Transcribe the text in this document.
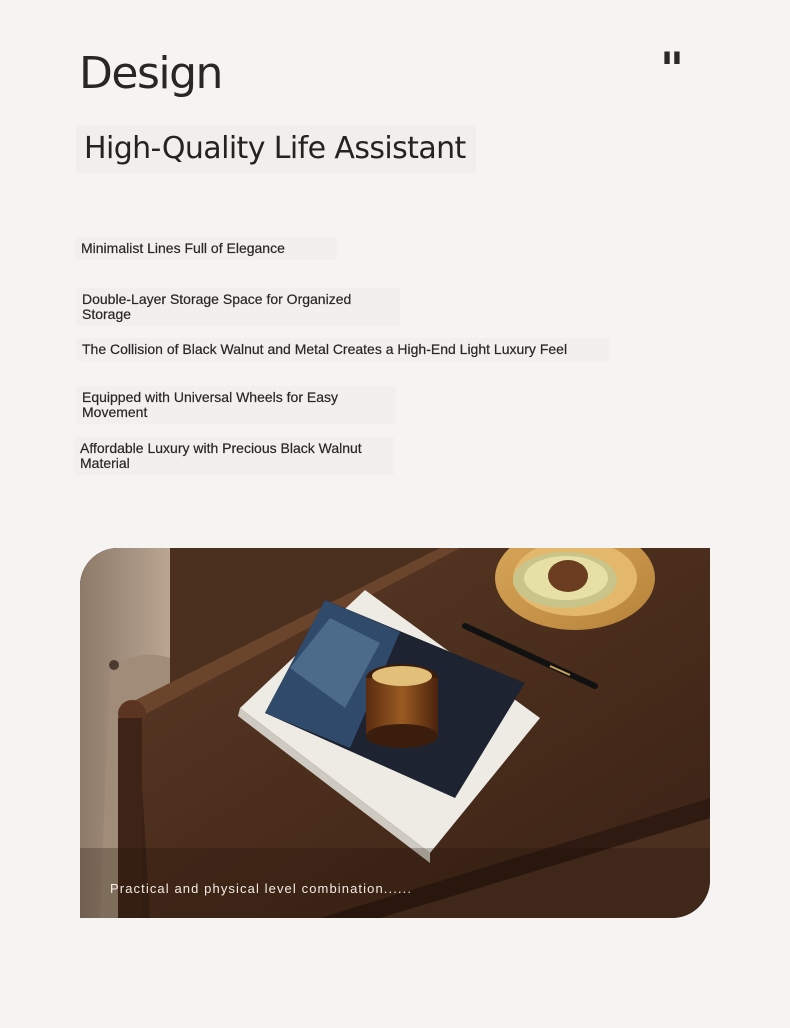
Design	"
High-Quality Life Assistant
Minimalist Lines Full of Elegance
Double-Layer Storage Space for Organized Storage
The Collision of Black Walnut and Metal Creates a High-End Light Luxury Feel
Equipped with Universal Wheels for Easy Movement
Affordable Luxury with Precious Black Walnut Material
Practical and physical level combination......
